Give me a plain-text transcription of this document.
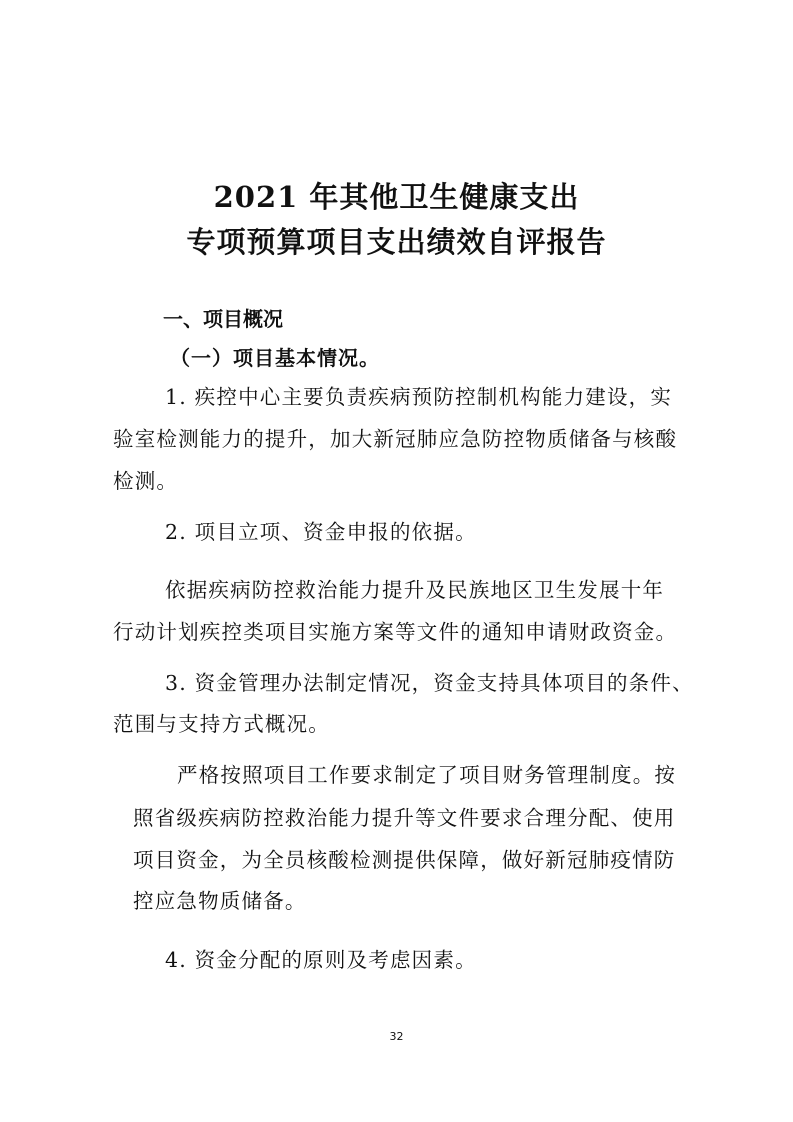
2021 年其他卫生健康支出
专项预算项目支出绩效自评报告
一、项目概况
（一）项目基本情况。
1. 疾控中心主要负责疾病预防控制机构能力建设，实
验室检测能力的提升，加大新冠肺应急防控物质储备与核酸
检测。
2. 项目立项、资金申报的依据。
依据疾病防控救治能力提升及民族地区卫生发展十年
行动计划疾控类项目实施方案等文件的通知申请财政资金。
3. 资金管理办法制定情况，资金支持具体项目的条件、
范围与支持方式概况。
严格按照项目工作要求制定了项目财务管理制度。按
照省级疾病防控救治能力提升等文件要求合理分配、使用
项目资金，为全员核酸检测提供保障，做好新冠肺疫情防
控应急物质储备。
4. 资金分配的原则及考虑因素。
32
